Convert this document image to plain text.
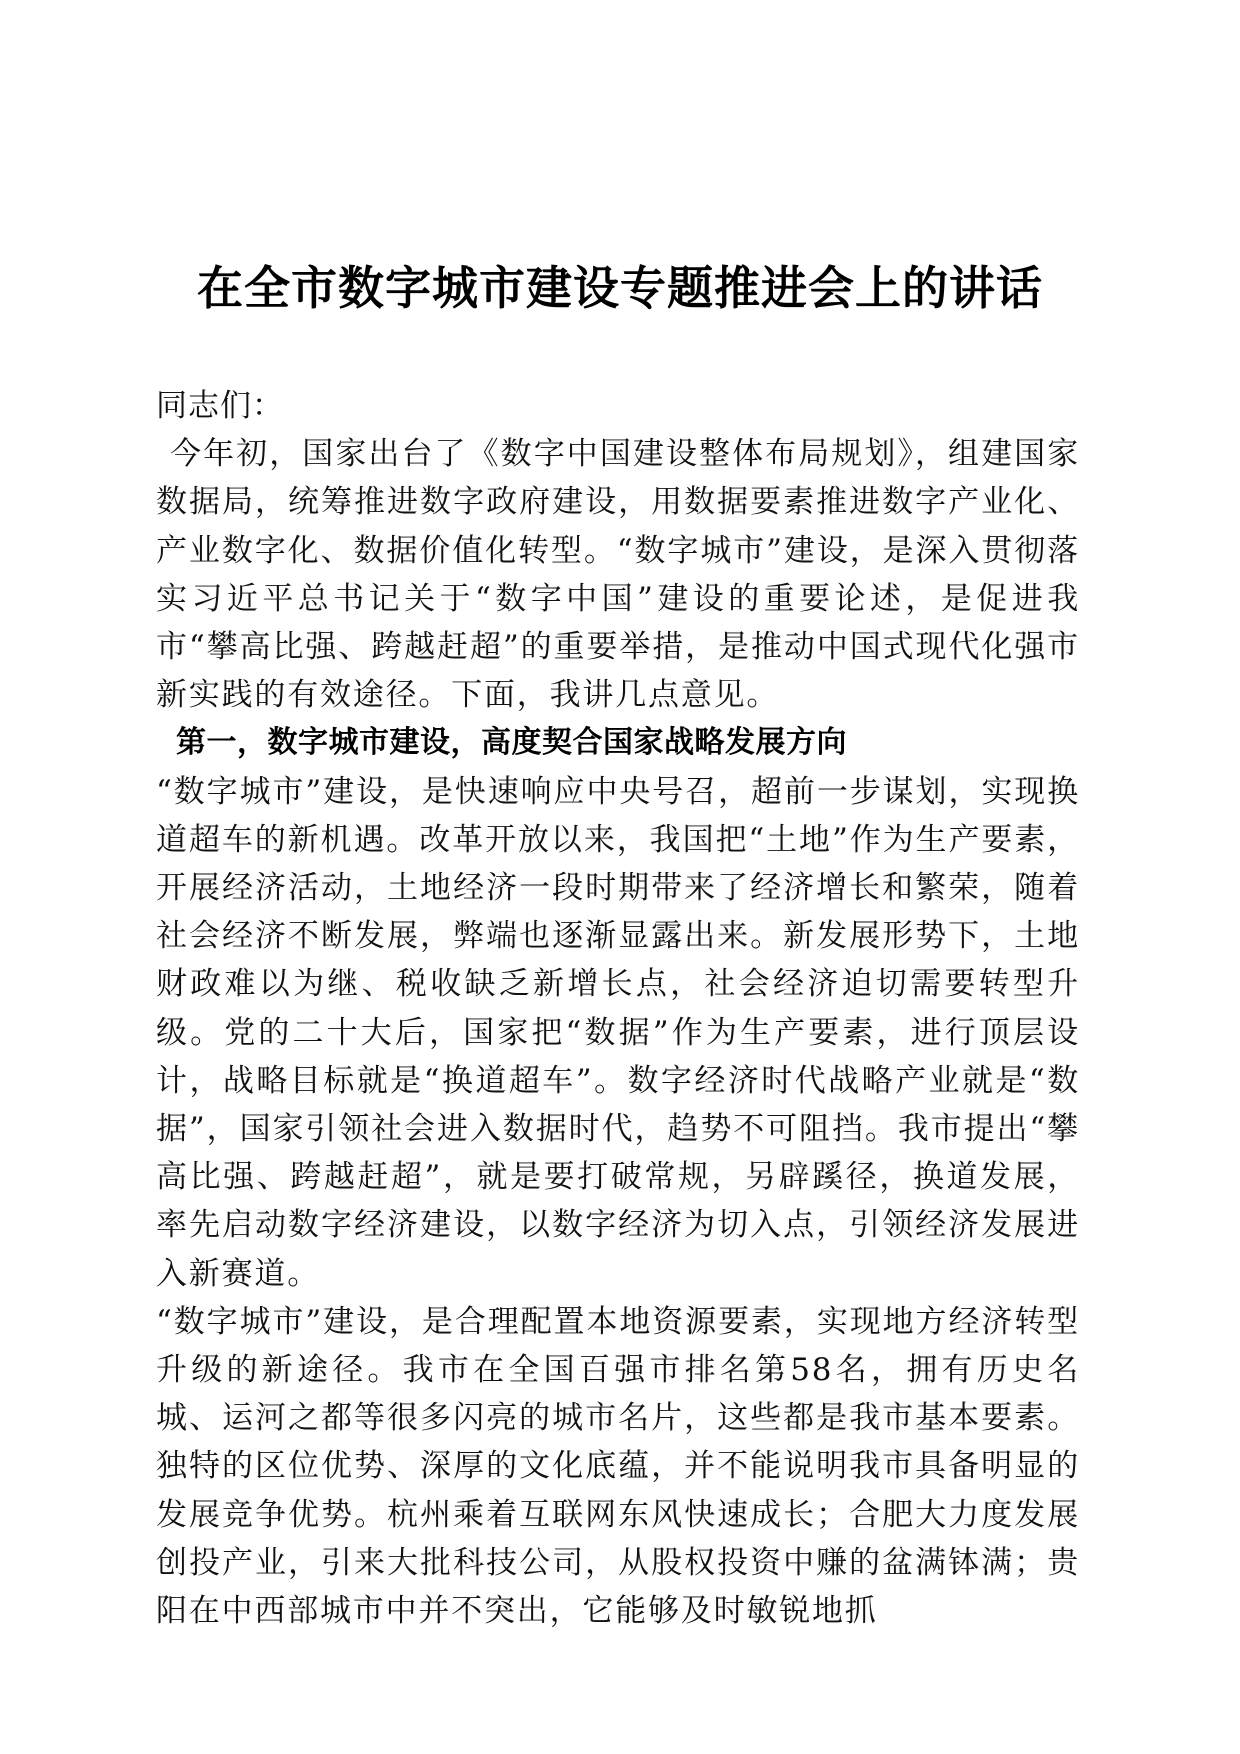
在全市数字城市建设专题推进会上的讲话

同志们：

今年初，国家出台了《数字中国建设整体布局规划》，组建国家数据局，统筹推进数字政府建设，用数据要素推进数字产业化、产业数字化、数据价值化转型。“数字城市”建设，是深入贯彻落实习近平总书记关于“数字中国”建设的重要论述，是促进我市“攀高比强、跨越赶超”的重要举措，是推动中国式现代化强市新实践的有效途径。下面，我讲几点意见。

第一，数字城市建设，高度契合国家战略发展方向

“数字城市”建设，是快速响应中央号召，超前一步谋划，实现换道超车的新机遇。改革开放以来，我国把“土地”作为生产要素，开展经济活动，土地经济一段时期带来了经济增长和繁荣，随着社会经济不断发展，弊端也逐渐显露出来。新发展形势下，土地财政难以为继、税收缺乏新增长点，社会经济迫切需要转型升级。党的二十大后，国家把“数据”作为生产要素，进行顶层设计，战略目标就是“换道超车”。数字经济时代战略产业就是“数据”，国家引领社会进入数据时代，趋势不可阻挡。我市提出“攀高比强、跨越赶超”，就是要打破常规，另辟蹊径，换道发展，率先启动数字经济建设，以数字经济为切入点，引领经济发展进入新赛道。

“数字城市”建设，是合理配置本地资源要素，实现地方经济转型升级的新途径。我市在全国百强市排名第58名，拥有历史名城、运河之都等很多闪亮的城市名片，这些都是我市基本要素。独特的区位优势、深厚的文化底蕴，并不能说明我市具备明显的发展竞争优势。杭州乘着互联网东风快速成长；合肥大力度发展创投产业，引来大批科技公司，从股权投资中赚的盆满钵满；贵阳在中西部城市中并不突出，它能够及时敏锐地抓
